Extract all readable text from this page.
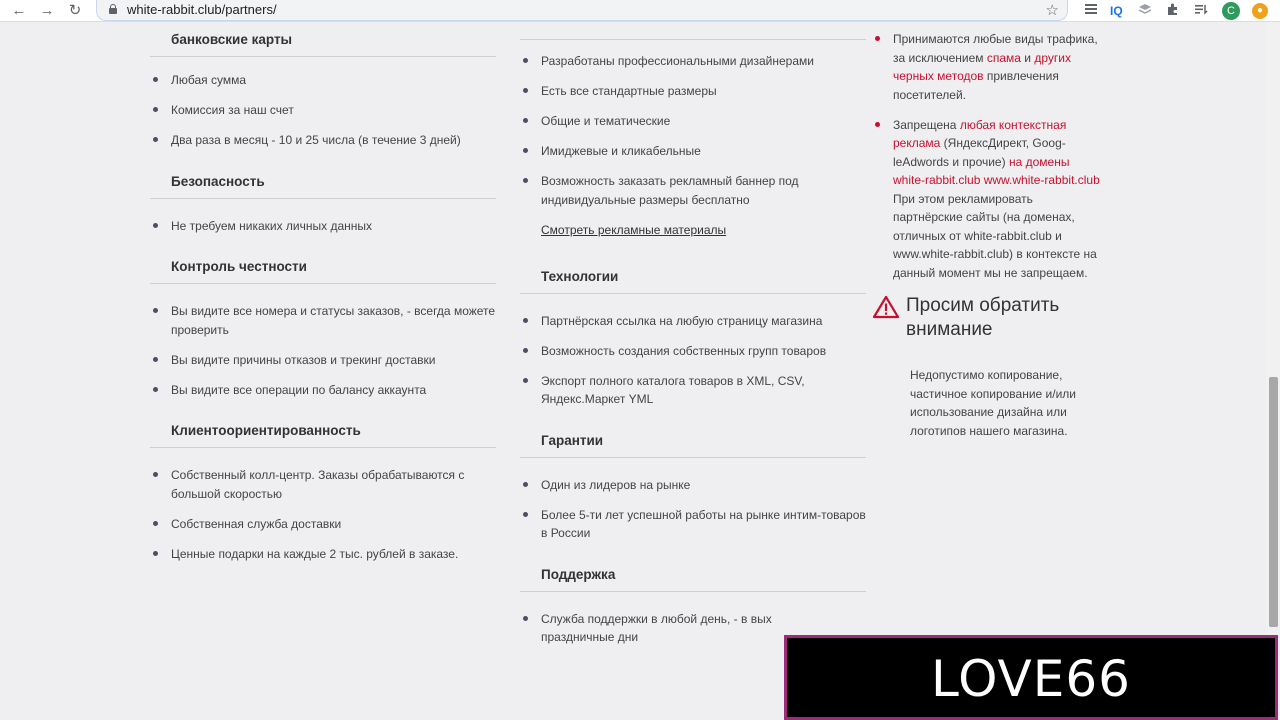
← → ↻	white-rabbit.club/partners/	☆	IQ	C	●
банковские карты
Любая сумма
Комиссия за наш счет
Два раза в месяц - 10 и 25 числа (в течение 3 дней)
Безопасность
Не требуем никаких личных данных
Контроль честности
Вы видите все номера и статусы заказов, - всегда можете проверить
Вы видите причины отказов и трекинг доставки
Вы видите все операции по балансу аккаунта
Клиентоориентированность
Собственный колл-центр. Заказы обрабатываются с большой скоростью
Собственная служба доставки
Ценные подарки на каждые 2 тыс. рублей в заказе.
Разработаны профессиональными дизайнерами
Есть все стандартные размеры
Общие и тематические
Имиджевые и кликабельные
Возможность заказать рекламный баннер под индивидуальные размеры бесплатно
Смотреть рекламные материалы
Технологии
Партнёрская ссылка на любую страницу магазина
Возможность создания собственных групп товаров
Экспорт полного каталога товаров в XML, CSV, Яндекс.Маркет YML
Гарантии
Один из лидеров на рынке
Более 5-ти лет успешной работы на рынке интим-товаров в России
Поддержка
Служба поддержки в любой день, - в вых
праздничные дни
Принимаются любые виды трафика, за исключением спама и других черных методов привлечения посетителей.
Запрещена любая контекстная реклама (ЯндексДирект, Goog-leAdwords и прочие) на домены white-rabbit.club www.white-rabbit.club При этом рекламировать партнёрские сайты (на доменах, отличных от white-rabbit.club и www.white-rabbit.club) в контексте на данный момент мы не запрещаем.
Просим обратить внимание
Недопустимо копирование, частичное копирование и/или использование дизайна или логотипов нашего магазина.
LOVE66
